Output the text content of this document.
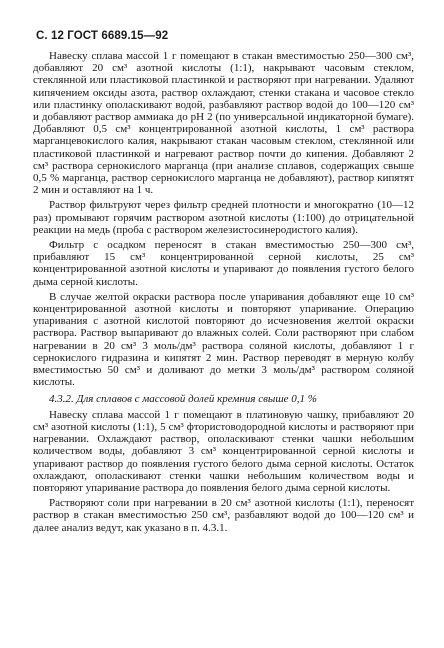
С. 12 ГОСТ 6689.15—92

Навеску сплава массой 1 г помещают в стакан вместимостью 250—300 см³, добавляют 20 см³ азотной кислоты (1:1), накрывают часовым стеклом, стеклянной или пластиковой пластинкой и растворяют при нагревании. Удаляют кипячением оксиды азота, раствор охлаждают, стенки стакана и часовое стекло или пластинку ополаскивают водой, разбавляют раствор водой до 100—120 см³ и добавляют раствор аммиака до pH 2 (по универсальной индикаторной бумаге). Добавляют 0,5 см³ концентрированной азотной кислоты, 1 см³ раствора марганцевокислого калия, накрывают стакан часовым стеклом, стеклянной или пластиковой пластинкой и нагревают раствор почти до кипения. Добавляют 2 см³ раствора сернокислого марганца (при анализе сплавов, содержащих свыше 0,5 % марганца, раствор сернокислого марганца не добавляют), раствор кипятят 2 мин и оставляют на 1 ч.

Раствор фильтруют через фильтр средней плотности и многократно (10—12 раз) промывают горячим раствором азотной кислоты (1:100) до отрицательной реакции на медь (проба с раствором железистосинеродистого калия).

Фильтр с осадком переносят в стакан вместимостью 250—300 см³, прибавляют 15 см³ концентрированной серной кислоты, 25 см³ концентрированной азотной кислоты и упаривают до появления густого белого дыма серной кислоты.

В случае желтой окраски раствора после упаривания добавляют еще 10 см³ концентрированной азотной кислоты и повторяют упаривание. Операцию упаривания с азотной кислотой повторяют до исчезновения желтой окраски раствора. Раствор выпаривают до влажных солей. Соли растворяют при слабом нагревании в 20 см³ 3 моль/дм³ раствора соляной кислоты, добавляют 1 г сернокислого гидразина и кипятят 2 мин. Раствор переводят в мерную колбу вместимостью 50 см³ и доливают до метки 3 моль/дм³ раствором соляной кислоты.

4.3.2. Для сплавов с массовой долей кремния свыше 0,1 %

Навеску сплава массой 1 г помещают в платиновую чашку, прибавляют 20 см³ азотной кислоты (1:1), 5 см³ фтористоводородной кислоты и растворяют при нагревании. Охлаждают раствор, ополаскивают стенки чашки небольшим количеством воды, добавляют 3 см³ концентрированной серной кислоты и упаривают раствор до появления густого белого дыма серной кислоты. Остаток охлаждают, ополаскивают стенки чашки небольшим количеством воды и повторяют упаривание раствора до появления белого дыма серной кислоты.

Растворяют соли при нагревании в 20 см³ азотной кислоты (1:1), переносят раствор в стакан вместимостью 250 см³, разбавляют водой до 100—120 см³ и далее анализ ведут, как указано в п. 4.3.1.
